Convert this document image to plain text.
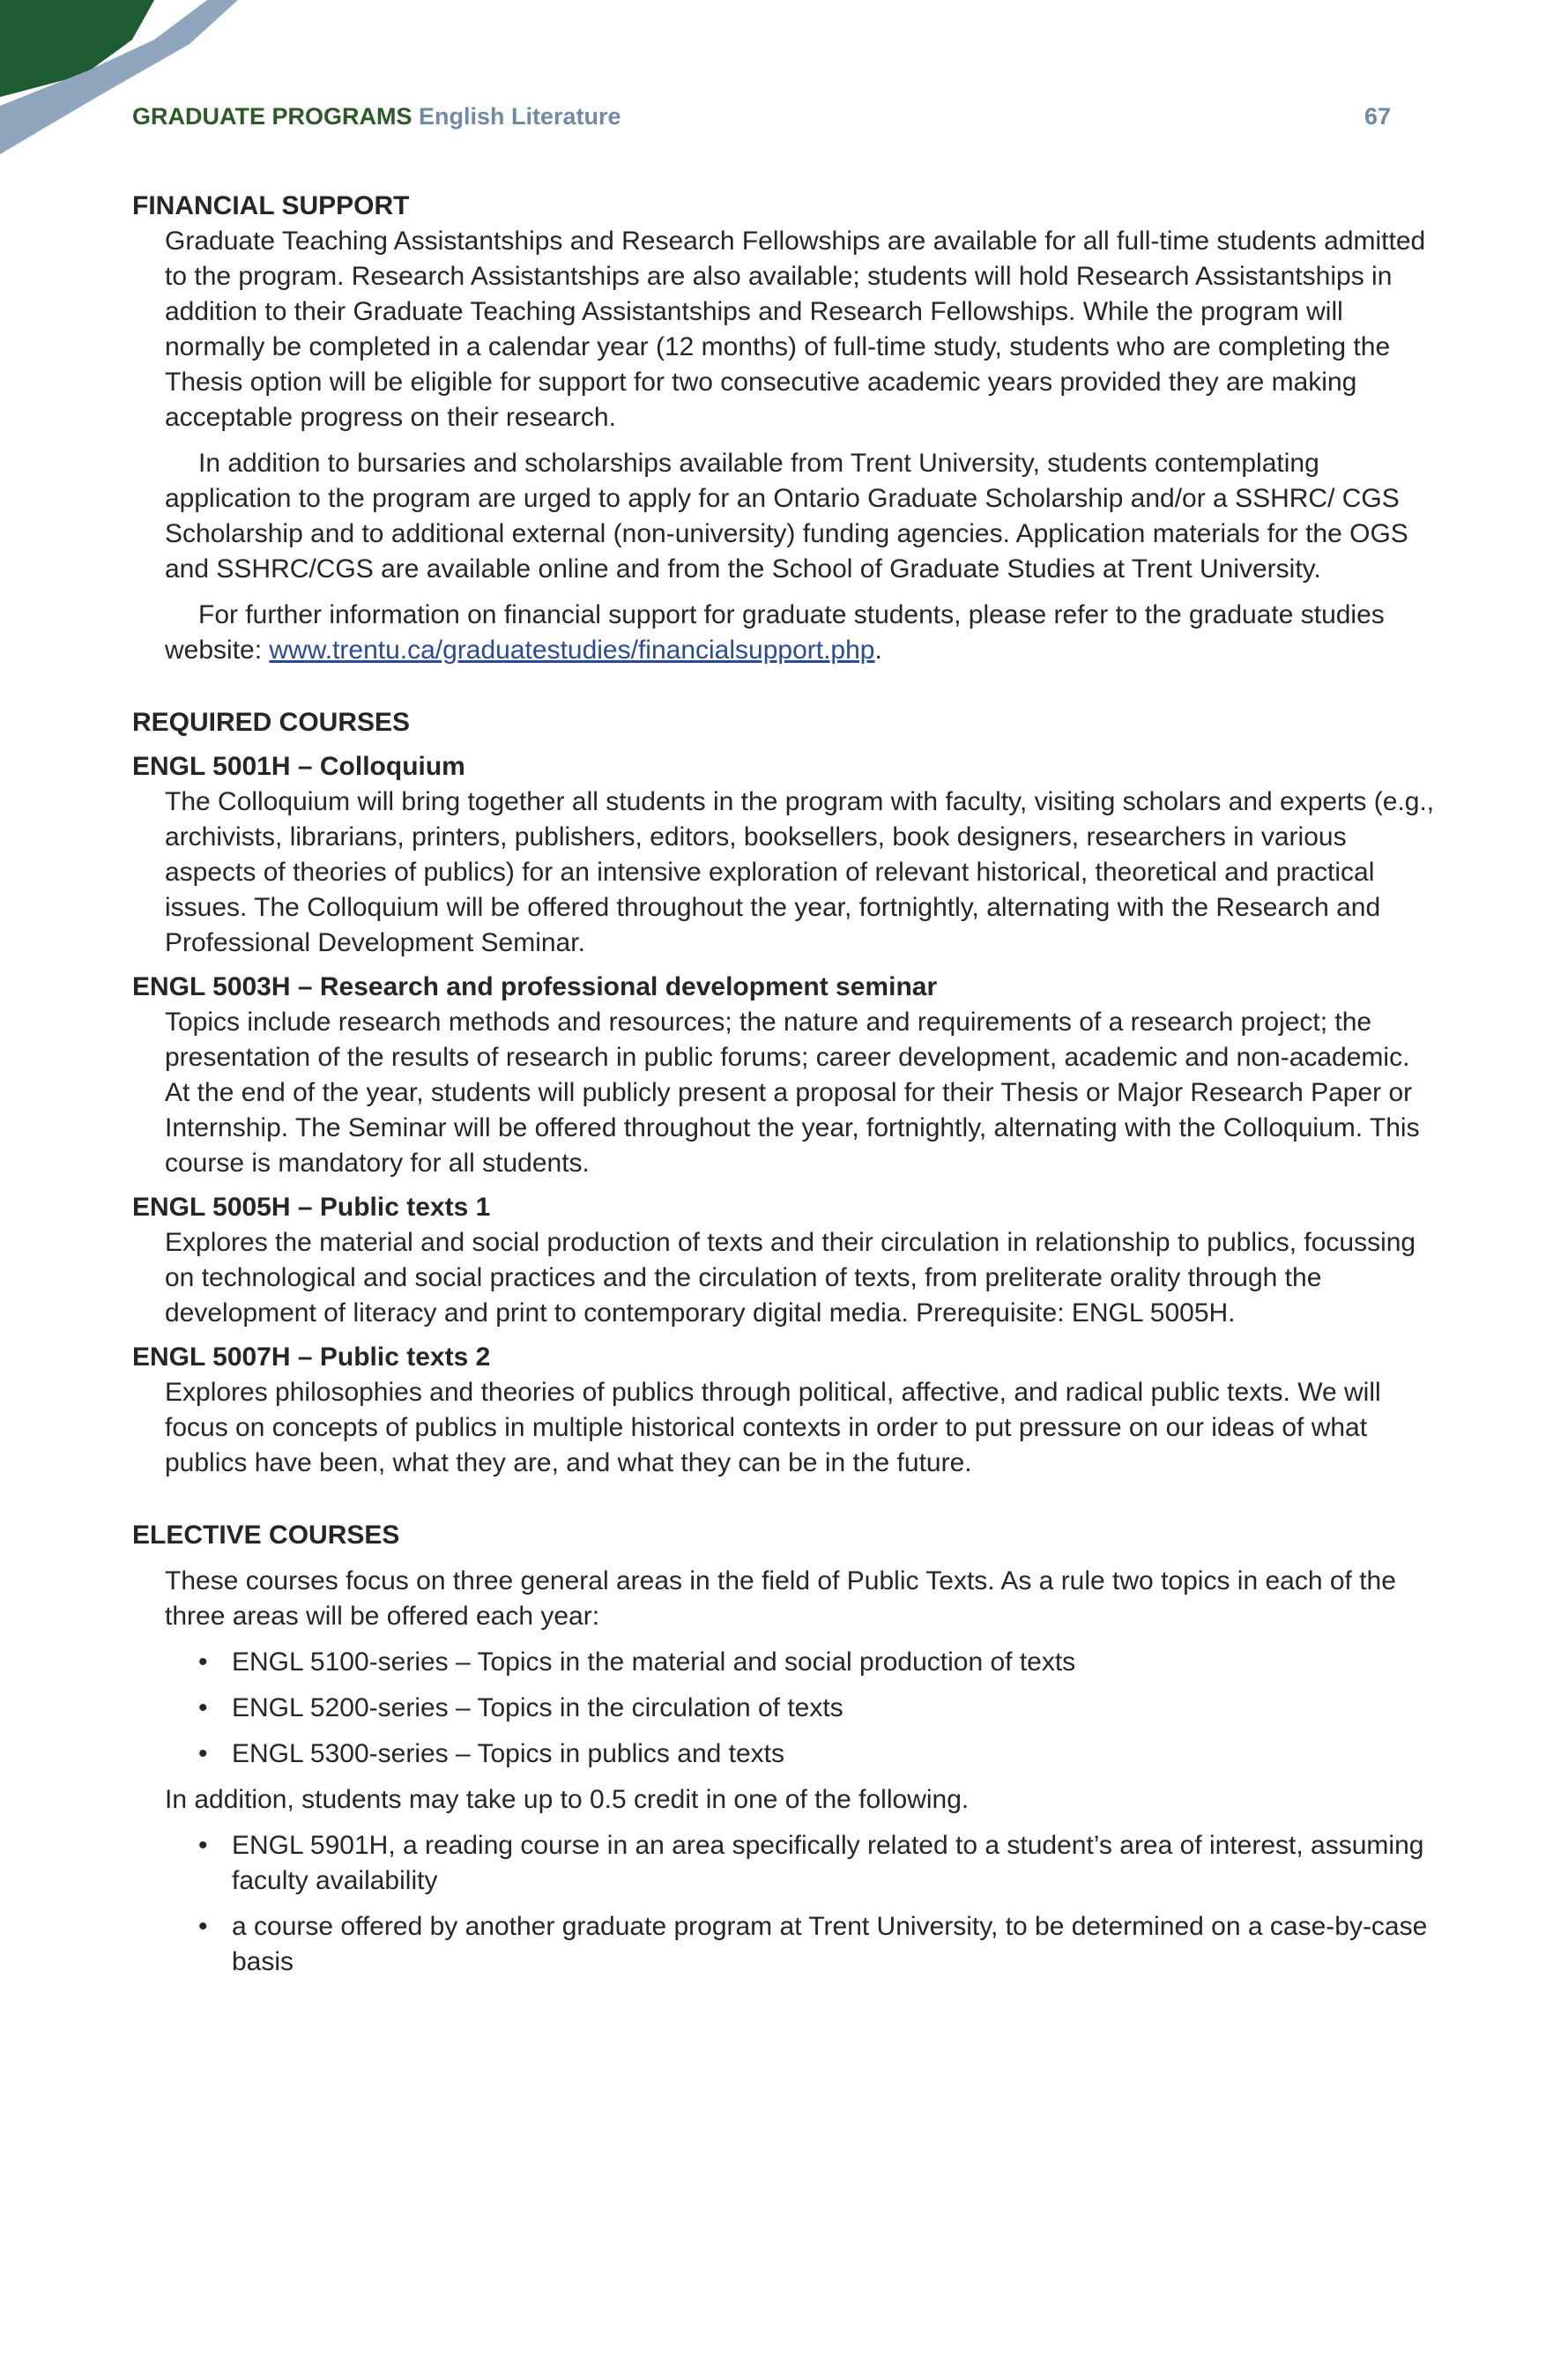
GRADUATE PROGRAMS English Literature	67
FINANCIAL SUPPORT

Graduate Teaching Assistantships and Research Fellowships are available for all full-time students admitted to the program. Research Assistantships are also available; students will hold Research Assistantships in addition to their Graduate Teaching Assistantships and Research Fellowships. While the program will normally be completed in a calendar year (12 months) of full-time study, students who are completing the Thesis option will be eligible for support for two consecutive academic years provided they are making acceptable progress on their research.

In addition to bursaries and scholarships available from Trent University, students contemplating application to the program are urged to apply for an Ontario Graduate Scholarship and/or a SSHRC/ CGS Scholarship and to additional external (non-university) funding agencies. Application materials for the OGS and SSHRC/CGS are available online and from the School of Graduate Studies at Trent University.

For further information on financial support for graduate students, please refer to the graduate studies website: www.trentu.ca/graduatestudies/financialsupport.php.

REQUIRED COURSES
ENGL 5001H – Colloquium

The Colloquium will bring together all students in the program with faculty, visiting scholars and experts (e.g., archivists, librarians, printers, publishers, editors, booksellers, book designers, researchers in various aspects of theories of publics) for an intensive exploration of relevant historical, theoretical and practical issues. The Colloquium will be offered throughout the year, fortnightly, alternating with the Research and Professional Development Seminar.

ENGL 5003H – Research and professional development seminar

Topics include research methods and resources; the nature and requirements of a research project; the presentation of the results of research in public forums; career development, academic and non-academic. At the end of the year, students will publicly present a proposal for their Thesis or Major Research Paper or Internship. The Seminar will be offered throughout the year, fortnightly, alternating with the Colloquium. This course is mandatory for all students.

ENGL 5005H – Public texts 1

Explores the material and social production of texts and their circulation in relationship to publics, focussing on technological and social practices and the circulation of texts, from preliterate orality through the development of literacy and print to contemporary digital media. Prerequisite: ENGL 5005H.

ENGL 5007H – Public texts 2

Explores philosophies and theories of publics through political, affective, and radical public texts. We will focus on concepts of publics in multiple historical contexts in order to put pressure on our ideas of what publics have been, what they are, and what they can be in the future.

ELECTIVE COURSES

These courses focus on three general areas in the field of Public Texts. As a rule two topics in each of the three areas will be offered each year:

• ENGL 5100-series – Topics in the material and social production of texts
• ENGL 5200-series – Topics in the circulation of texts
• ENGL 5300-series – Topics in publics and texts

In addition, students may take up to 0.5 credit in one of the following.

• ENGL 5901H, a reading course in an area specifically related to a student’s area of interest, assuming faculty availability
• a course offered by another graduate program at Trent University, to be determined on a case-by-case basis
